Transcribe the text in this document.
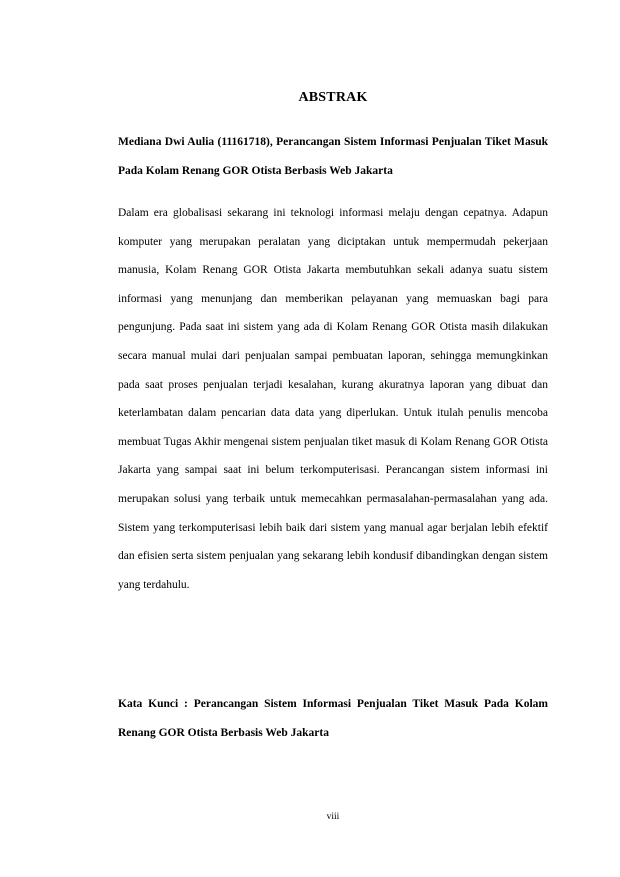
ABSTRAK
Mediana Dwi Aulia (11161718), Perancangan Sistem Informasi Penjualan Tiket Masuk Pada Kolam Renang GOR Otista Berbasis Web Jakarta
Dalam era globalisasi sekarang ini teknologi informasi melaju dengan cepatnya. Adapun komputer yang merupakan peralatan yang diciptakan untuk mempermudah pekerjaan manusia, Kolam Renang GOR Otista Jakarta membutuhkan sekali adanya suatu sistem informasi yang menunjang dan memberikan pelayanan yang memuaskan bagi para pengunjung. Pada saat ini sistem yang ada di Kolam Renang GOR Otista masih dilakukan secara manual mulai dari penjualan sampai pembuatan laporan, sehingga memungkinkan pada saat proses penjualan terjadi kesalahan, kurang akuratnya laporan yang dibuat dan keterlambatan dalam pencarian data data yang diperlukan. Untuk itulah penulis mencoba membuat Tugas Akhir mengenai sistem penjualan tiket masuk di Kolam Renang GOR Otista Jakarta yang sampai saat ini belum terkomputerisasi. Perancangan sistem informasi ini merupakan solusi yang terbaik untuk memecahkan permasalahan-permasalahan yang ada. Sistem yang terkomputerisasi lebih baik dari sistem yang manual agar berjalan lebih efektif dan efisien serta sistem penjualan yang sekarang lebih kondusif dibandingkan dengan sistem yang terdahulu.
Kata Kunci : Perancangan Sistem Informasi Penjualan Tiket Masuk Pada Kolam Renang GOR Otista Berbasis Web Jakarta
viii
